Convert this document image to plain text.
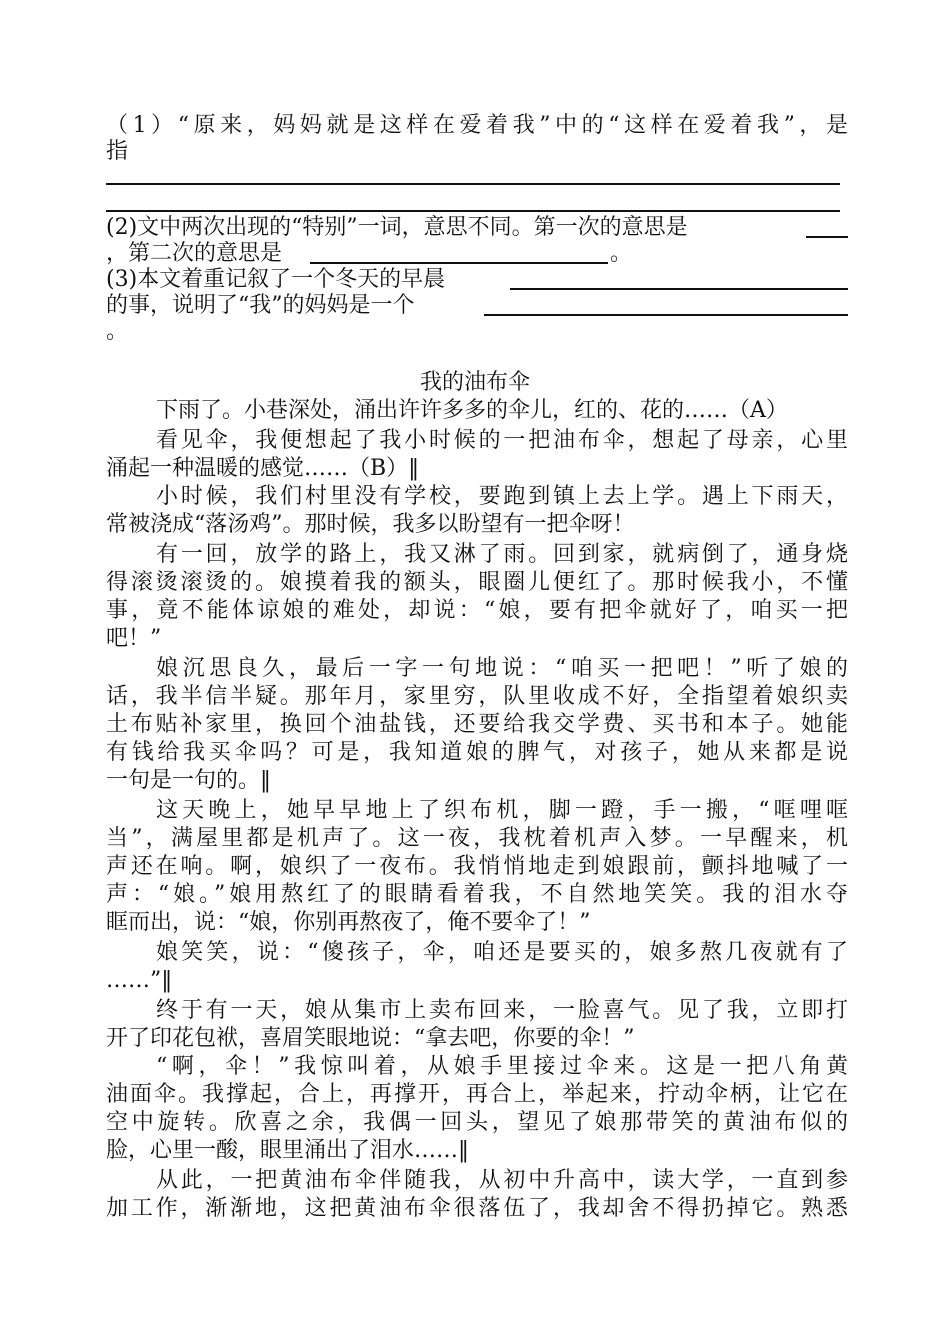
（1）“原来，妈妈就是这样在爱着我”中的“这样在爱着我”，是
指
(2)文中两次出现的“特别”一词，意思不同。第一次的意思是
，第二次的意思是	。
(3)本文着重记叙了一个冬天的早晨
的事，说明了“我”的妈妈是一个
。
我的油布伞
下雨了。小巷深处，涌出许许多多的伞儿，红的、花的……（A）
看见伞，我便想起了我小时候的一把油布伞，想起了母亲，心里
涌起一种温暖的感觉……（B）‖
小时候，我们村里没有学校，要跑到镇上去上学。遇上下雨天，
常被浇成“落汤鸡”。那时候，我多以盼望有一把伞呀！
有一回，放学的路上，我又淋了雨。回到家，就病倒了，通身烧
得滚烫滚烫的。娘摸着我的额头，眼圈儿便红了。那时候我小，不懂
事，竟不能体谅娘的难处，却说：“娘，要有把伞就好了，咱买一把
吧！”
娘沉思良久，最后一字一句地说：“咱买一把吧！”听了娘的
话，我半信半疑。那年月，家里穷，队里收成不好，全指望着娘织卖
土布贴补家里，换回个油盐钱，还要给我交学费、买书和本子。她能
有钱给我买伞吗？可是，我知道娘的脾气，对孩子，她从来都是说
一句是一句的。‖
这天晚上，她早早地上了织布机，脚一蹬，手一搬，“哐哩哐
当”，满屋里都是机声了。这一夜，我枕着机声入梦。一早醒来，机
声还在响。啊，娘织了一夜布。我悄悄地走到娘跟前，颤抖地喊了一
声：“娘。”娘用熬红了的眼睛看着我，不自然地笑笑。我的泪水夺
眶而出，说：“娘，你别再熬夜了，俺不要伞了！”
娘笑笑，说：“傻孩子，伞，咱还是要买的，娘多熬几夜就有了
……”‖
终于有一天，娘从集市上卖布回来，一脸喜气。见了我，立即打
开了印花包袱，喜眉笑眼地说：“拿去吧，你要的伞！”
“啊，伞！”我惊叫着，从娘手里接过伞来。这是一把八角黄
油面伞。我撑起，合上，再撑开，再合上，举起来，拧动伞柄，让它在
空中旋转。欣喜之余，我偶一回头，望见了娘那带笑的黄油布似的
脸，心里一酸，眼里涌出了泪水……‖
从此，一把黄油布伞伴随我，从初中升高中，读大学，一直到参
加工作，渐渐地，这把黄油布伞很落伍了，我却舍不得扔掉它。熟悉
